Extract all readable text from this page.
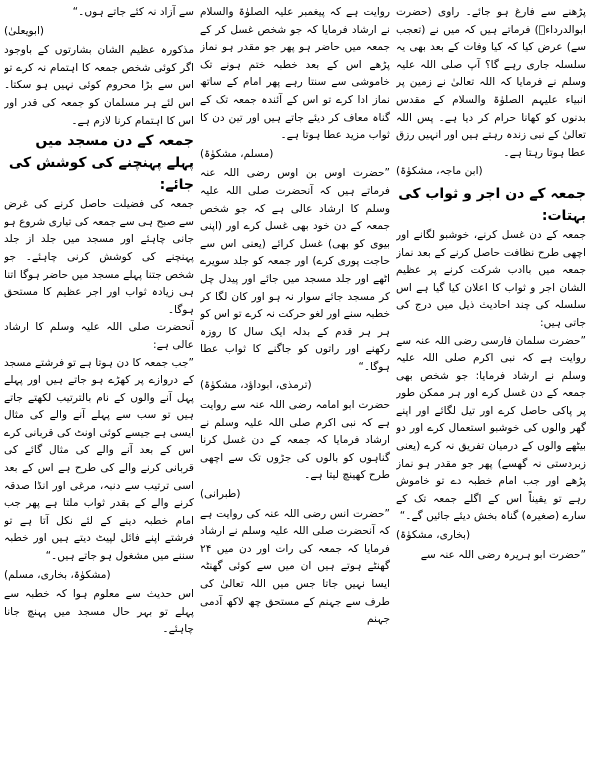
پڑھنے سے فارغ ہو جائے۔ راوی (حضرت ابوالدرداءؓ) فرماتے ہیں کہ میں نے (تعجب سے) عرض کیا کہ کیا وفات کے بعد بھی یہ سلسلہ جاری رہے گا؟ آپ صلی اللہ علیہ وسلم نے فرمایا کہ اللہ تعالیٰ نے زمین پر انبیاء علیہم الصلوٰۃ والسلام کے مقدس بدنوں کو کھانا حرام کر دیا ہے۔ پس اللہ تعالیٰ کے نبی زندہ رہتے ہیں اور انہیں رزق عطا ہوتا رہتا ہے۔

(ابن ماجہ، مشکوٰۃ)

جمعہ کے دن اجر و ثواب کی بہتات:

جمعہ کے دن غسل کرنے، خوشبو لگانے اور اچھی طرح نظافت حاصل کرنے کے بعد نماز جمعہ میں باادب شرکت کرنے پر عظیم الشان اجر و ثواب کا اعلان کیا گیا ہے اس سلسلہ کی چند احادیث ذیل میں درج کی جاتی ہیں:

”حضرت سلمان فارسی رضی اللہ عنہ سے روایت ہے کہ نبی اکرم صلی اللہ علیہ وسلم نے ارشاد فرمایا: جو شخص بھی جمعہ کے دن غسل کرے اور ہر ممکن طور پر پاکی حاصل کرے اور تیل لگائے اور اپنے گھر والوں کی خوشبو استعمال کرے اور دو بیٹھے والوں کے درمیان تفریق نہ کرے (یعنی زبردستی نہ گھسے) پھر جو مقدر ہو نماز پڑھے اور جب امام خطبہ دے تو خاموش رہے تو یقیناً اس کے اگلے جمعہ تک کے سارے (صغیرہ) گناہ بخش دیئے جائیں گے۔“

(بخاری، مشکوٰۃ)

”حضرت ابو ہریرہ رضی اللہ عنہ سے

روایت ہے کہ پیغمبر علیہ الصلوٰۃ والسلام نے ارشاد فرمایا کہ جو شخص غسل کر کے جمعہ میں حاضر ہو پھر جو مقدر ہو نماز پڑھے اس کے بعد خطبہ ختم ہونے تک خاموشی سے سنتا رہے پھر امام کے ساتھ نماز ادا کرے تو اس کے آئندہ جمعہ تک کے گناہ معاف کر دیئے جاتے ہیں اور تین دن کا ثواب مزید عطا ہوتا ہے۔

(مسلم، مشکوٰۃ)

”حضرت اوس بن اوس رضی اللہ عنہ فرماتے ہیں کہ آنحضرت صلی اللہ علیہ وسلم کا ارشاد عالی ہے کہ جو شخص جمعہ کے دن خود بھی غسل کرے اور (اپنی بیوی کو بھی) غسل کرائے (یعنی اس سے حاجت پوری کرے) اور جمعہ کو جلد سویرے اٹھے اور جلد مسجد میں جائے اور پیدل چل کر مسجد جائے سوار نہ ہو اور کان لگا کر خطبہ سنے اور لغو حرکت نہ کرے تو اس کو ہر ہر قدم کے بدلہ ایک سال کا روزہ رکھنے اور راتوں کو جاگنے کا ثواب عطا ہوگا۔“

(ترمذی، ابوداؤد، مشکوٰۃ)

حضرت ابو امامہ رضی اللہ عنہ سے روایت ہے کہ نبی اکرم صلی اللہ علیہ وسلم نے ارشاد فرمایا کہ جمعہ کے دن غسل کرنا گناہوں کو بالوں کی جڑوں تک سے اچھی طرح کھینچ لیتا ہے۔

(طبرانی)

”حضرت انس رضی اللہ عنہ کی روایت ہے کہ آنحضرت صلی اللہ علیہ وسلم نے ارشاد فرمایا کہ جمعہ کی رات اور دن میں ۲۴ گھنٹے ہوتے ہیں ان میں سے کوئی گھنٹہ ایسا نہیں جاتا جس میں اللہ تعالیٰ کی طرف سے جہنم کے مستحق چھ لاکھ آدمی جہنم

سے آزاد نہ کئے جاتے ہوں۔“

(ابویعلیٰ)

مذکورہ عظیم الشان بشارتوں کے باوجود اگر کوئی شخص جمعہ کا اہتمام نہ کرے تو اس سے بڑا محروم کوئی نہیں ہو سکتا۔ اس لئے ہر مسلمان کو جمعہ کی قدر اور اس کا اہتمام کرنا لازم ہے۔

جمعہ کے دن مسجد میں پہلے پہنچنے کی کوشش کی جائے:

جمعہ کی فضیلت حاصل کرنے کی غرض سے صبح ہی سے جمعہ کی تیاری شروع ہو جانی چاہئے اور مسجد میں جلد از جلد پہنچنے کی کوشش کرنی چاہئے۔ جو شخص جتنا پہلے مسجد میں حاضر ہوگا اتنا ہی زیادہ ثواب اور اجر عظیم کا مستحق ہوگا۔

آنحضرت صلی اللہ علیہ وسلم کا ارشاد عالی ہے:

”جب جمعہ کا دن ہوتا ہے تو فرشتے مسجد کے دروازے پر کھڑے ہو جاتے ہیں اور پہلے پہل آنے والوں کے نام بالترتیب لکھتے جاتے ہیں تو سب سے پہلے آنے والے کی مثال ایسی ہے جیسے کوئی اونٹ کی قربانی کرے اس کے بعد آنے والے کی مثال گائے کی قربانی کرنے والے کی طرح ہے اس کے بعد اسی ترتیب سے دنبہ، مرغی اور انڈا صدقہ کرنے والے کے بقدر ثواب ملتا ہے پھر جب امام خطبہ دینے کے لئے نکل آتا ہے تو فرشتے اپنے فائل لپیٹ دیتے ہیں اور خطبہ سننے میں مشغول ہو جاتے ہیں۔“

(مشکوٰۃ، بخاری، مسلم)

اس حدیث سے معلوم ہوا کہ خطبہ سے پہلے تو بہر حال مسجد میں پہنچ جانا چاہئے۔
